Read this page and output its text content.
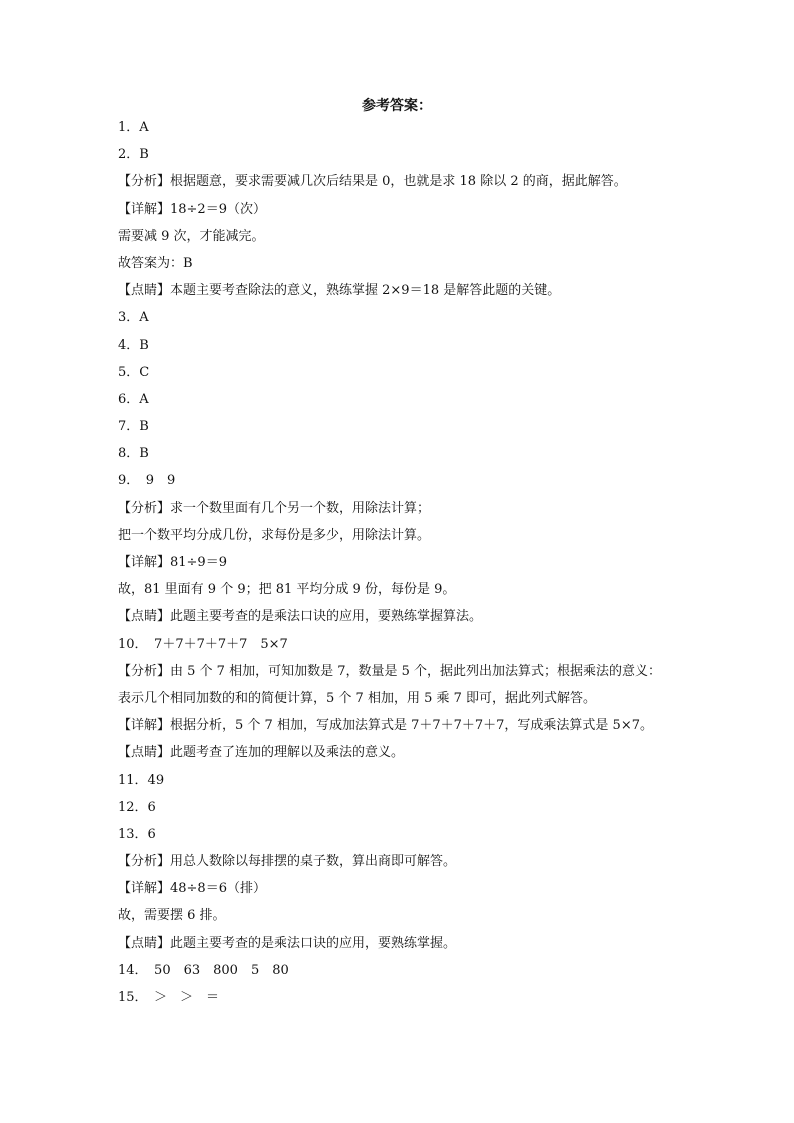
参考答案：
1．A
2．B
【分析】根据题意，要求需要减几次后结果是 0，也就是求 18 除以 2 的商，据此解答。
【详解】18÷2＝9（次）
需要减 9 次，才能减完。
故答案为：B
【点睛】本题主要考查除法的意义，熟练掌握 2×9＝18 是解答此题的关键。
3．A
4．B
5．C
6．A
7．B
8．B
9．　9　9
【分析】求一个数里面有几个另一个数，用除法计算；
把一个数平均分成几份，求每份是多少，用除法计算。
【详解】81÷9＝9
故，81 里面有 9 个 9；把 81 平均分成 9 份，每份是 9。
【点睛】此题主要考查的是乘法口诀的应用，要熟练掌握算法。
10．　7＋7＋7＋7＋7　5×7
【分析】由 5 个 7 相加，可知加数是 7，数量是 5 个，据此列出加法算式；根据乘法的意义：
表示几个相同加数的和的简便计算，5 个 7 相加，用 5 乘 7 即可，据此列式解答。
【详解】根据分析，5 个 7 相加，写成加法算式是 7＋7＋7＋7＋7，写成乘法算式是 5×7。
【点睛】此题考查了连加的理解以及乘法的意义。
11．49
12．6
13．6
【分析】用总人数除以每排摆的桌子数，算出商即可解答。
【详解】48÷8＝6（排）
故，需要摆 6 排。
【点睛】此题主要考查的是乘法口诀的应用，要熟练掌握。
14．　50　63　800　5　80
15．　＞　＞　＝
